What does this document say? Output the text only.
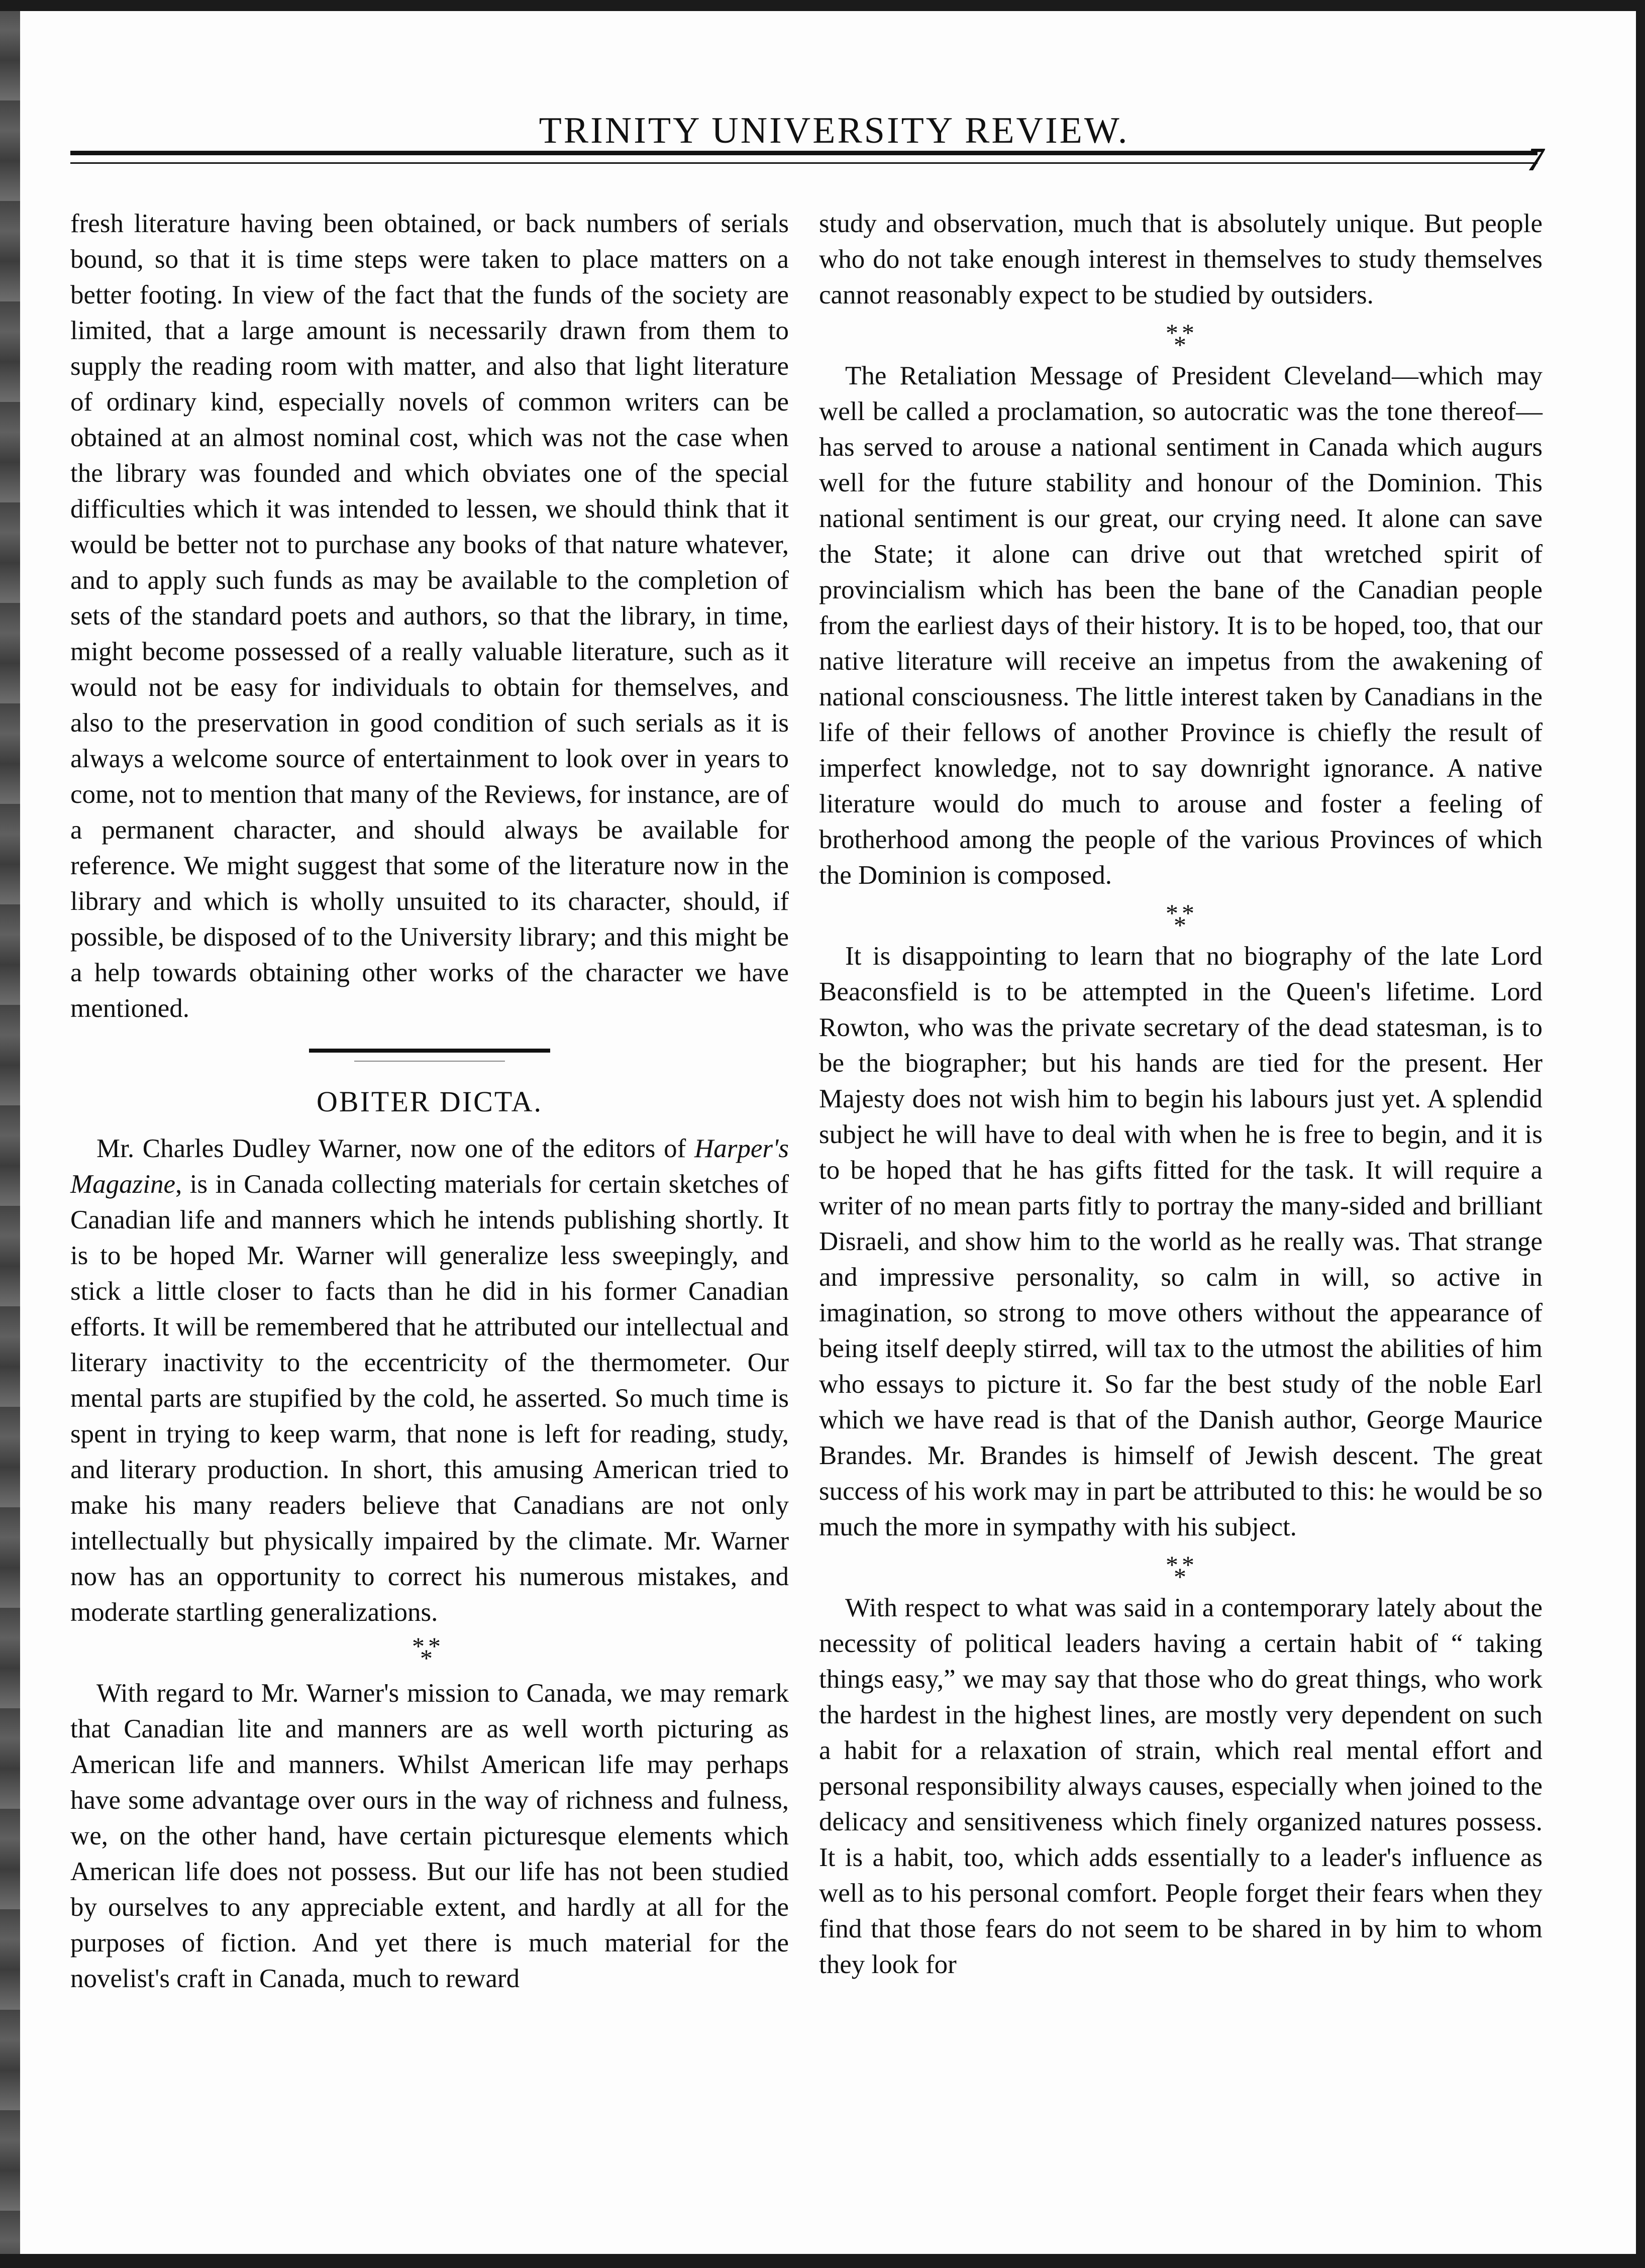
TRINITY UNIVERSITY REVIEW.
7

fresh literature having been obtained, or back numbers of serials bound, so that it is time steps were taken to place matters on a better footing. In view of the fact that the funds of the society are limited, that a large amount is necessarily drawn from them to supply the reading room with matter, and also that light literature of ordinary kind, especially novels of common writers can be obtained at an almost nominal cost, which was not the case when the library was founded and which obviates one of the special difficulties which it was intended to lessen, we should think that it would be better not to purchase any books of that nature whatever, and to apply such funds as may be available to the completion of sets of the standard poets and authors, so that the library, in time, might become possessed of a really valuable literature, such as it would not be easy for individuals to obtain for themselves, and also to the preservation in good condition of such serials as it is always a welcome source of entertainment to look over in years to come, not to mention that many of the Reviews, for instance, are of a permanent character, and should always be available for reference. We might suggest that some of the literature now in the library and which is wholly unsuited to its character, should, if possible, be disposed of to the University library; and this might be a help towards obtaining other works of the character we have mentioned.

OBITER DICTA.

Mr. Charles Dudley Warner, now one of the editors of Harper's Magazine, is in Canada collecting materials for certain sketches of Canadian life and manners which he intends publishing shortly. It is to be hoped Mr. Warner will generalize less sweepingly, and stick a little closer to facts than he did in his former Canadian efforts. It will be remembered that he attributed our intellectual and literary inactivity to the eccentricity of the thermometer. Our mental parts are stupified by the cold, he asserted. So much time is spent in trying to keep warm, that none is left for reading, study, and literary production. In short, this amusing American tried to make his many readers believe that Canadians are not only intellectually but physically impaired by the climate. Mr. Warner now has an opportunity to correct his numerous mistakes, and moderate startling generalizations.

* *
*

With regard to Mr. Warner's mission to Canada, we may remark that Canadian lite and manners are as well worth picturing as American life and manners. Whilst American life may perhaps have some advantage over ours in the way of richness and fulness, we, on the other hand, have certain picturesque elements which American life does not possess. But our life has not been studied by ourselves to any appreciable extent, and hardly at all for the purposes of fiction. And yet there is much material for the novelist's craft in Canada, much to reward

study and observation, much that is absolutely unique. But people who do not take enough interest in themselves to study themselves cannot reasonably expect to be studied by outsiders.

* *
*

The Retaliation Message of President Cleveland—which may well be called a proclamation, so autocratic was the tone thereof—has served to arouse a national sentiment in Canada which augurs well for the future stability and honour of the Dominion. This national sentiment is our great, our crying need. It alone can save the State; it alone can drive out that wretched spirit of provincialism which has been the bane of the Canadian people from the earliest days of their history. It is to be hoped, too, that our native literature will receive an impetus from the awakening of national consciousness. The little interest taken by Canadians in the life of their fellows of another Province is chiefly the result of imperfect knowledge, not to say downright ignorance. A native literature would do much to arouse and foster a feeling of brotherhood among the people of the various Provinces of which the Dominion is composed.

* *
*

It is disappointing to learn that no biography of the late Lord Beaconsfield is to be attempted in the Queen's lifetime. Lord Rowton, who was the private secretary of the dead statesman, is to be the biographer; but his hands are tied for the present. Her Majesty does not wish him to begin his labours just yet. A splendid subject he will have to deal with when he is free to begin, and it is to be hoped that he has gifts fitted for the task. It will require a writer of no mean parts fitly to portray the many-sided and brilliant Disraeli, and show him to the world as he really was. That strange and impressive personality, so calm in will, so active in imagination, so strong to move others without the appearance of being itself deeply stirred, will tax to the utmost the abilities of him who essays to picture it. So far the best study of the noble Earl which we have read is that of the Danish author, George Maurice Brandes. Mr. Brandes is himself of Jewish descent. The great success of his work may in part be attributed to this: he would be so much the more in sympathy with his subject.

* *
*

With respect to what was said in a contemporary lately about the necessity of political leaders having a certain habit of “ taking things easy,” we may say that those who do great things, who work the hardest in the highest lines, are mostly very dependent on such a habit for a relaxation of strain, which real mental effort and personal responsibility always causes, especially when joined to the delicacy and sensitiveness which finely organized natures possess. It is a habit, too, which adds essentially to a leader's influence as well as to his personal comfort. People forget their fears when they find that those fears do not seem to be shared in by him to whom they look for
